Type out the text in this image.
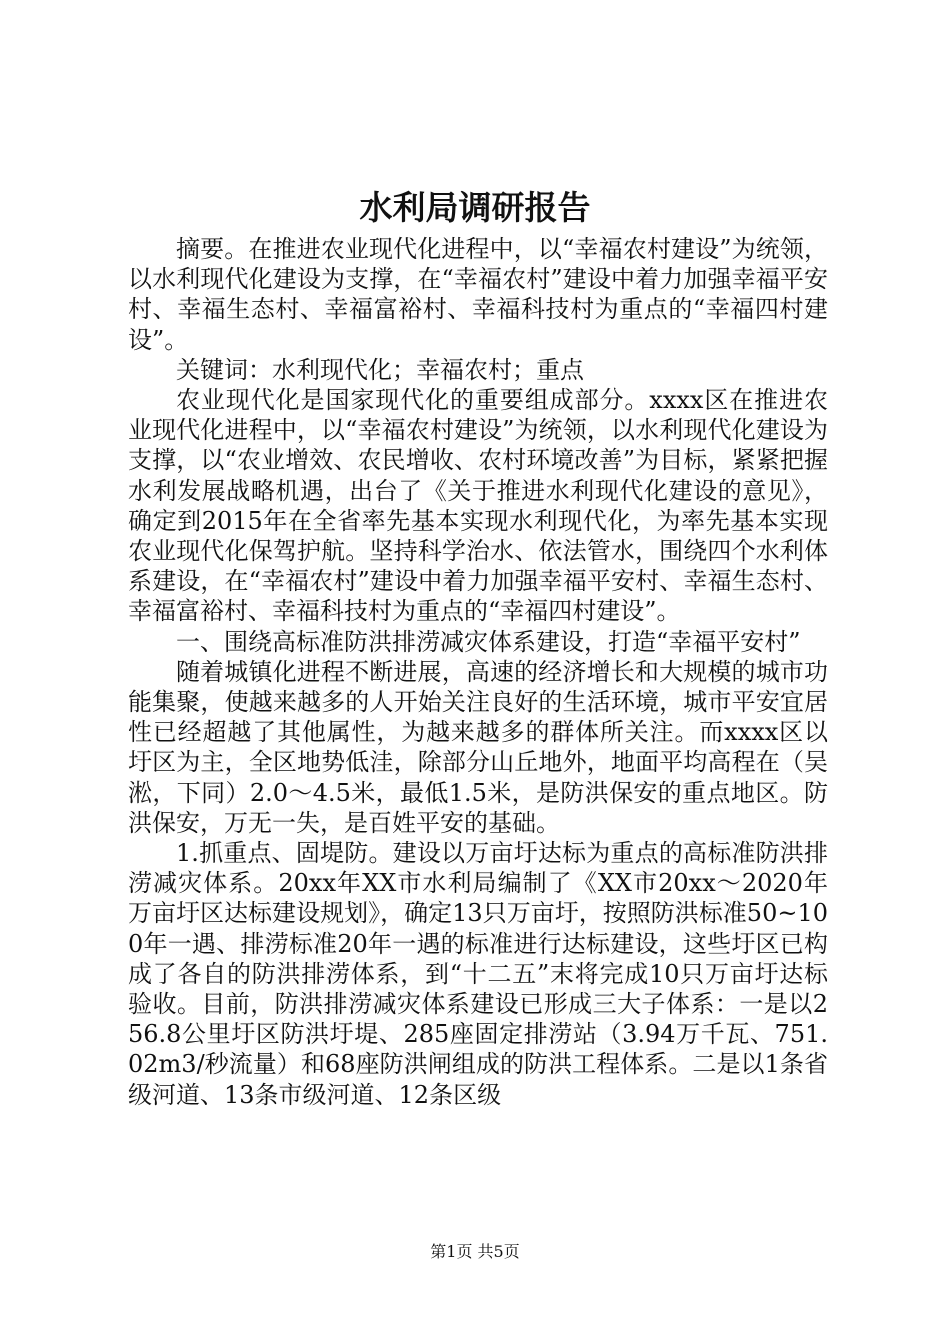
水利局调研报告

摘要。在推进农业现代化进程中，以“幸福农村建设”为统领，以水利现代化建设为支撑，在“幸福农村”建设中着力加强幸福平安村、幸福生态村、幸福富裕村、幸福科技村为重点的“幸福四村建设”。

关键词：水利现代化；幸福农村；重点

农业现代化是国家现代化的重要组成部分。xxxx区在推进农业现代化进程中，以“幸福农村建设”为统领，以水利现代化建设为支撑，以“农业增效、农民增收、农村环境改善”为目标，紧紧把握水利发展战略机遇，出台了《关于推进水利现代化建设的意见》，确定到2015年在全省率先基本实现水利现代化，为率先基本实现农业现代化保驾护航。坚持科学治水、依法管水，围绕四个水利体系建设，在“幸福农村”建设中着力加强幸福平安村、幸福生态村、幸福富裕村、幸福科技村为重点的“幸福四村建设”。

一、围绕高标准防洪排涝减灾体系建设，打造“幸福平安村”

随着城镇化进程不断进展，高速的经济增长和大规模的城市功能集聚，使越来越多的人开始关注良好的生活环境，城市平安宜居性已经超越了其他属性，为越来越多的群体所关注。而xxxx区以圩区为主，全区地势低洼，除部分山丘地外，地面平均高程在（吴淞，下同）2.0～4.5米，最低1.5米，是防洪保安的重点地区。防洪保安，万无一失，是百姓平安的基础。

1.抓重点、固堤防。建设以万亩圩达标为重点的高标准防洪排涝减灾体系。20xx年XX市水利局编制了《XX市20xx～2020年万亩圩区达标建设规划》，确定13只万亩圩，按照防洪标准50~100年一遇、排涝标准20年一遇的标准进行达标建设，这些圩区已构成了各自的防洪排涝体系，到“十二五”末将完成10只万亩圩达标验收。目前，防洪排涝减灾体系建设已形成三大子体系：一是以256.8公里圩区防洪圩堤、285座固定排涝站（3.94万千瓦、751.02m3/秒流量）和68座防洪闸组成的防洪工程体系。二是以1条省级河道、13条市级河道、12条区级

第1页 共5页
